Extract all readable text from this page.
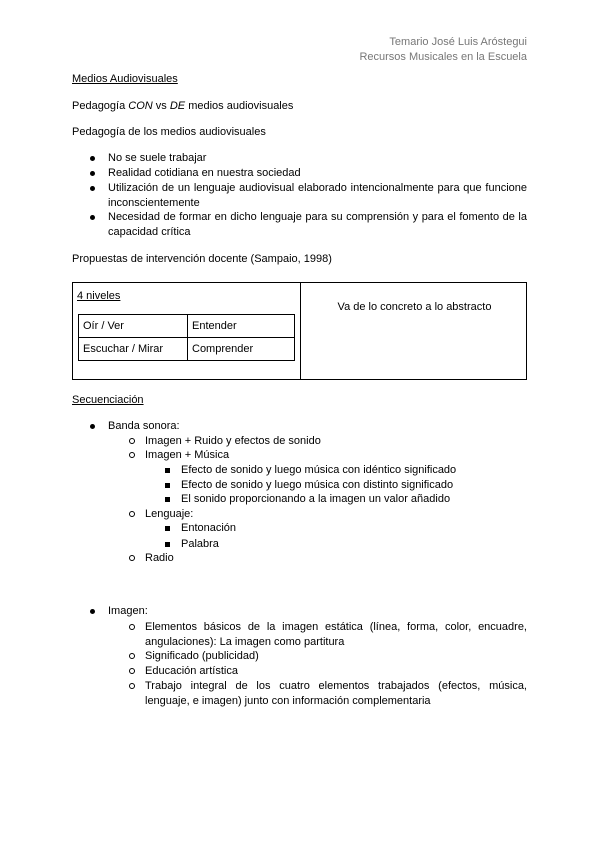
Temario José Luis Aróstegui
Recursos Musicales en la Escuela
Medios Audiovisuales
Pedagogía CON vs DE medios audiovisuales
Pedagogía de los medios audiovisuales
No se suele trabajar
Realidad cotidiana en nuestra sociedad
Utilización de un lenguaje audiovisual elaborado intencionalmente para que funcione inconscientemente
Necesidad de formar en dicho lenguaje para su comprensión y para el fomento de la capacidad crítica
Propuestas de intervención docente (Sampaio, 1998)
4 niveles
Oír / Ver	Entender
Escuchar / Mirar	Comprender
Va de lo concreto a lo abstracto
Secuenciación
Banda sonora:
Imagen + Ruido y efectos de sonido
Imagen + Música
Efecto de sonido y luego música con idéntico significado
Efecto de sonido y luego música con distinto significado
El sonido proporcionando a la imagen un valor añadido
Lenguaje:
Entonación
Palabra
Radio
Imagen:
Elementos básicos de la imagen estática (línea, forma, color, encuadre, angulaciones): La imagen como partitura
Significado (publicidad)
Educación artística
Trabajo integral de los cuatro elementos trabajados (efectos, música, lenguaje, e imagen) junto con información complementaria
